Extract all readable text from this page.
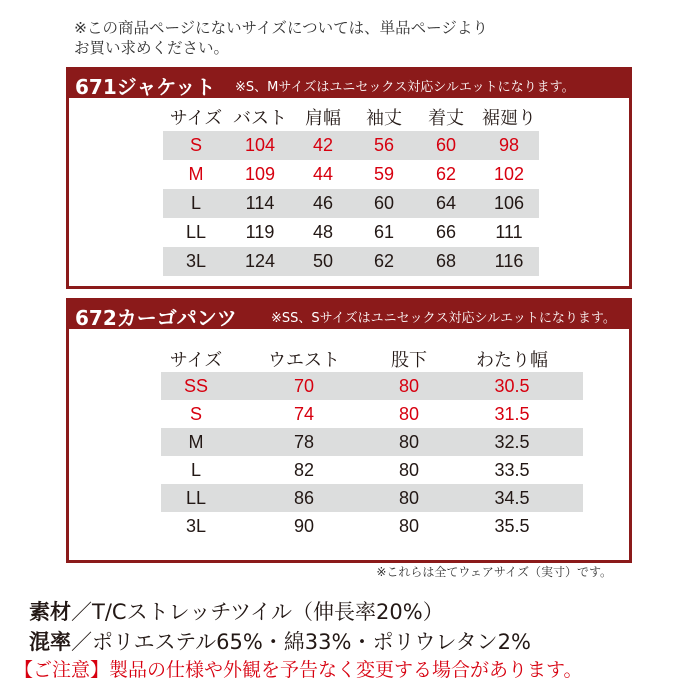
※この商品ページにないサイズについては、単品ページより
お買い求めください。
671ジャケット ※S、Mサイズはユニセックス対応シルエットになります。
サイズ	バスト	肩幅	袖丈	着丈	裾廻り
S	104	42	56	60	98
M	109	44	59	62	102
L	114	46	60	64	106
LL	119	48	61	66	111
3L	124	50	62	68	116
672カーゴパンツ	※SS、Sサイズはユニセックス対応シルエットになります。
サイズ	ウエスト	股下	わたり幅
SS	70	80	30.5
S	74	80	31.5
M	78	80	32.5
L	82	80	33.5
LL	86	80	34.5
3L	90	80	35.5
※これらは全てウェアサイズ（実寸）です。
素材／T/Cストレッチツイル（伸長率20%）
混率／ポリエステル65%・綿33%・ポリウレタン2%
【ご注意】製品の仕様や外観を予告なく変更する場合があります。
